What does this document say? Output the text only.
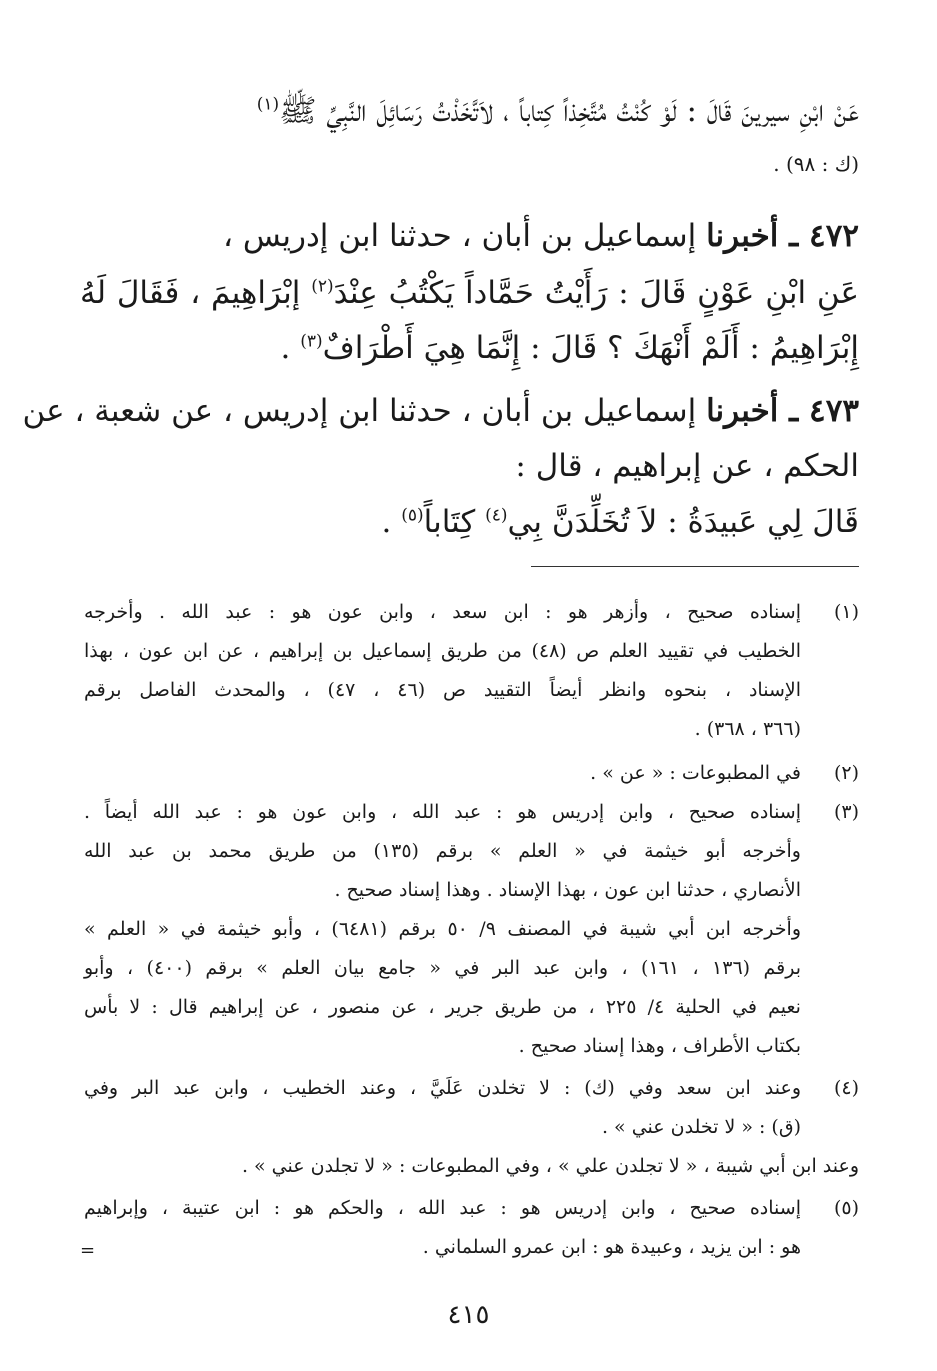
عَنْ ابْنِ سيرينَ قَالَ : لَوْ كُنْتُ مُتَّخِذاً كِتاباً ، لاَتَّخَذْتُ رَسَائِلَ النَّبِيِّ ﷺ$^{(١)}$
(ك : ٩٨) .
٤٧٢ ـ أخبرنا إسماعيل بن أبان ، حدثنا ابن إدريس ،
عَنِ ابْنِ عَوْنٍ قَالَ : رَأَيْتُ حَمَّاداً يَكْتُبُ عِنْدَ$^{(٢)}$ إبْرَاهِيمَ ، فَقَالَ لَهُ
إِبْرَاهِيمُ : أَلَمْ أَنْهَكَ ؟ قَالَ : إِنَّمَا هِيَ أَطْرَافٌ$^{(٣)}$ .
٤٧٣ ـ أخبرنا إسماعيل بن أبان ، حدثنا ابن إدريس ، عن شعبة ، عن
الحكم ، عن إبراهيم ، قال :
قَالَ لِي عَبيدَةُ : لاَ تُخَلِّدَنَّ بِي$^{(٤)}$ كِتَاباً$^{(٥)}$ .
(١)
إسناده صحيح ، وأزهر هو : ابن سعد ، وابن عون هو : عبد الله . وأخرجه
الخطيب في تقييد العلم ص (٤٨) من طريق إسماعيل بن إبراهيم ، عن ابن عون ، بهذا
الإسناد ، بنحوه وانظر أيضاً التقييد ص (٤٦ ، ٤٧) ، والمحدث الفاصل برقم
(٣٦٦ ، ٣٦٨) .
(٢)
في المطبوعات : « عن » .
(٣)
إسناده صحيح ، وابن إدريس هو : عبد الله ، وابن عون هو : عبد الله أيضاً .
وأخرجه أبو خيثمة في « العلم » برقم (١٣٥) من طريق محمد بن عبد الله
الأنصاري ، حدثنا ابن عون ، بهذا الإسناد . وهذا إسناد صحيح .
وأخرجه ابن أبي شيبة في المصنف ٩/ ٥٠ برقم (٦٤٨١) ، وأبو خيثمة في « العلم »
برقم (١٣٦ ، ١٦١) ، وابن عبد البر في « جامع بيان العلم » برقم (٤٠٠) ، وأبو
نعيم في الحلية ٤/ ٢٢٥ ، من طريق جرير ، عن منصور ، عن إبراهيم قال : لا بأس
بكتاب الأطراف ، وهذا إسناد صحيح .
(٤)
وعند ابن سعد وفي (ك) : لا تخلدن عَلَيَّ ، وعند الخطيب ، وابن عبد البر وفي
(ق) : « لا تخلدن عني » .
وعند ابن أبي شيبة ، « لا تجلدن علي » ، وفي المطبوعات : « لا تجلدن عني » .
(٥)
إسناده صحيح ، وابن إدريس هو : عبد الله ، والحكم هو : ابن عتيبة ، وإبراهيم
هو : ابن يزيد ، وعبيدة هو : ابن عمرو السلماني .
=
٤١٥
